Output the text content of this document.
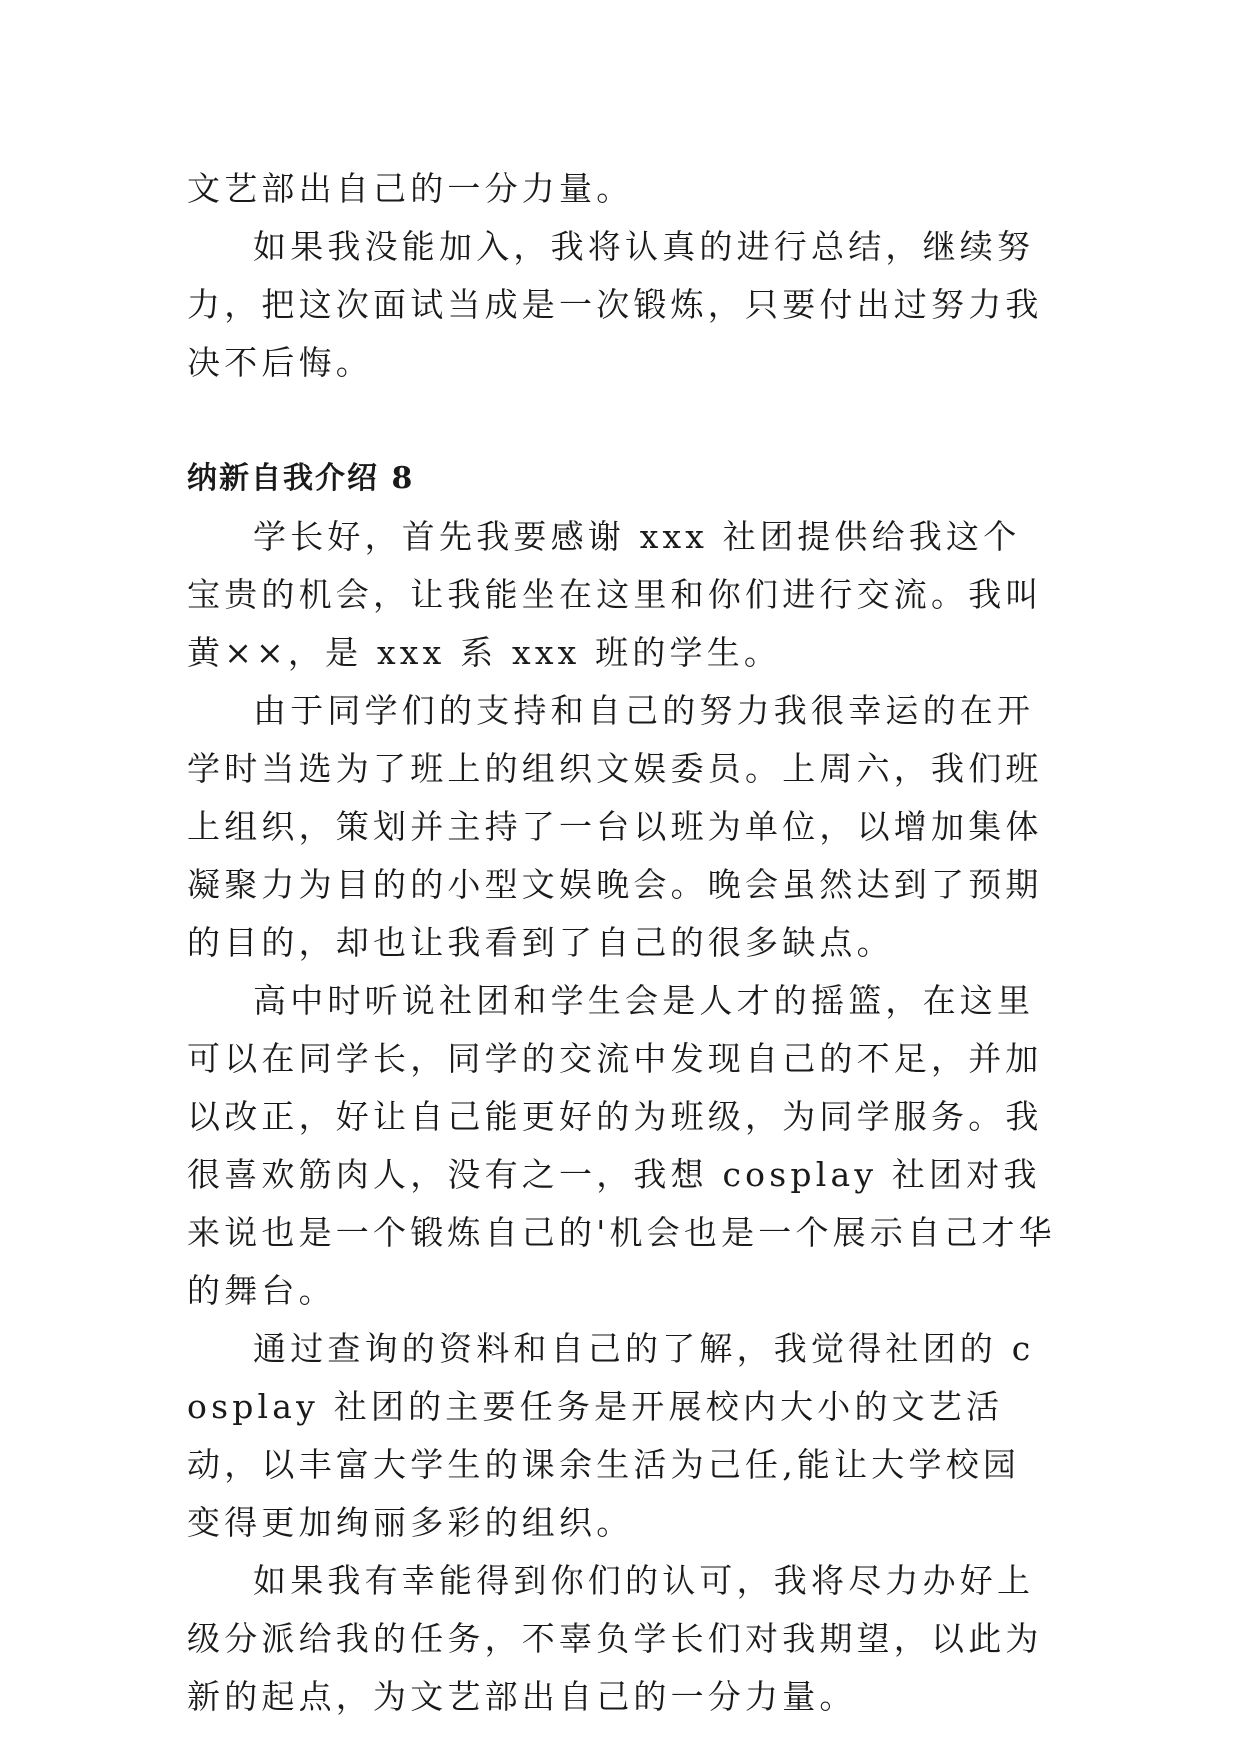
文艺部出自己的一分力量。

如果我没能加入，我将认真的进行总结，继续努力，把这次面试当成是一次锻炼，只要付出过努力我决不后悔。

纳新自我介绍 8

学长好，首先我要感谢 xxx 社团提供给我这个宝贵的机会，让我能坐在这里和你们进行交流。我叫黄××，是 xxx 系 xxx 班的学生。

由于同学们的支持和自己的努力我很幸运的在开学时当选为了班上的组织文娱委员。上周六，我们班上组织，策划并主持了一台以班为单位，以增加集体凝聚力为目的的小型文娱晚会。晚会虽然达到了预期的目的，却也让我看到了自己的很多缺点。

高中时听说社团和学生会是人才的摇篮，在这里可以在同学长，同学的交流中发现自己的不足，并加以改正，好让自己能更好的为班级，为同学服务。我很喜欢筋肉人，没有之一，我想 cosplay 社团对我来说也是一个锻炼自己的'机会也是一个展示自己才华的舞台。

通过查询的资料和自己的了解，我觉得社团的 cosplay 社团的主要任务是开展校内大小的文艺活动，以丰富大学生的课余生活为己任,能让大学校园变得更加绚丽多彩的组织。

如果我有幸能得到你们的认可，我将尽力办好上级分派给我的任务，不辜负学长们对我期望，以此为新的起点，为文艺部出自己的一分力量。
